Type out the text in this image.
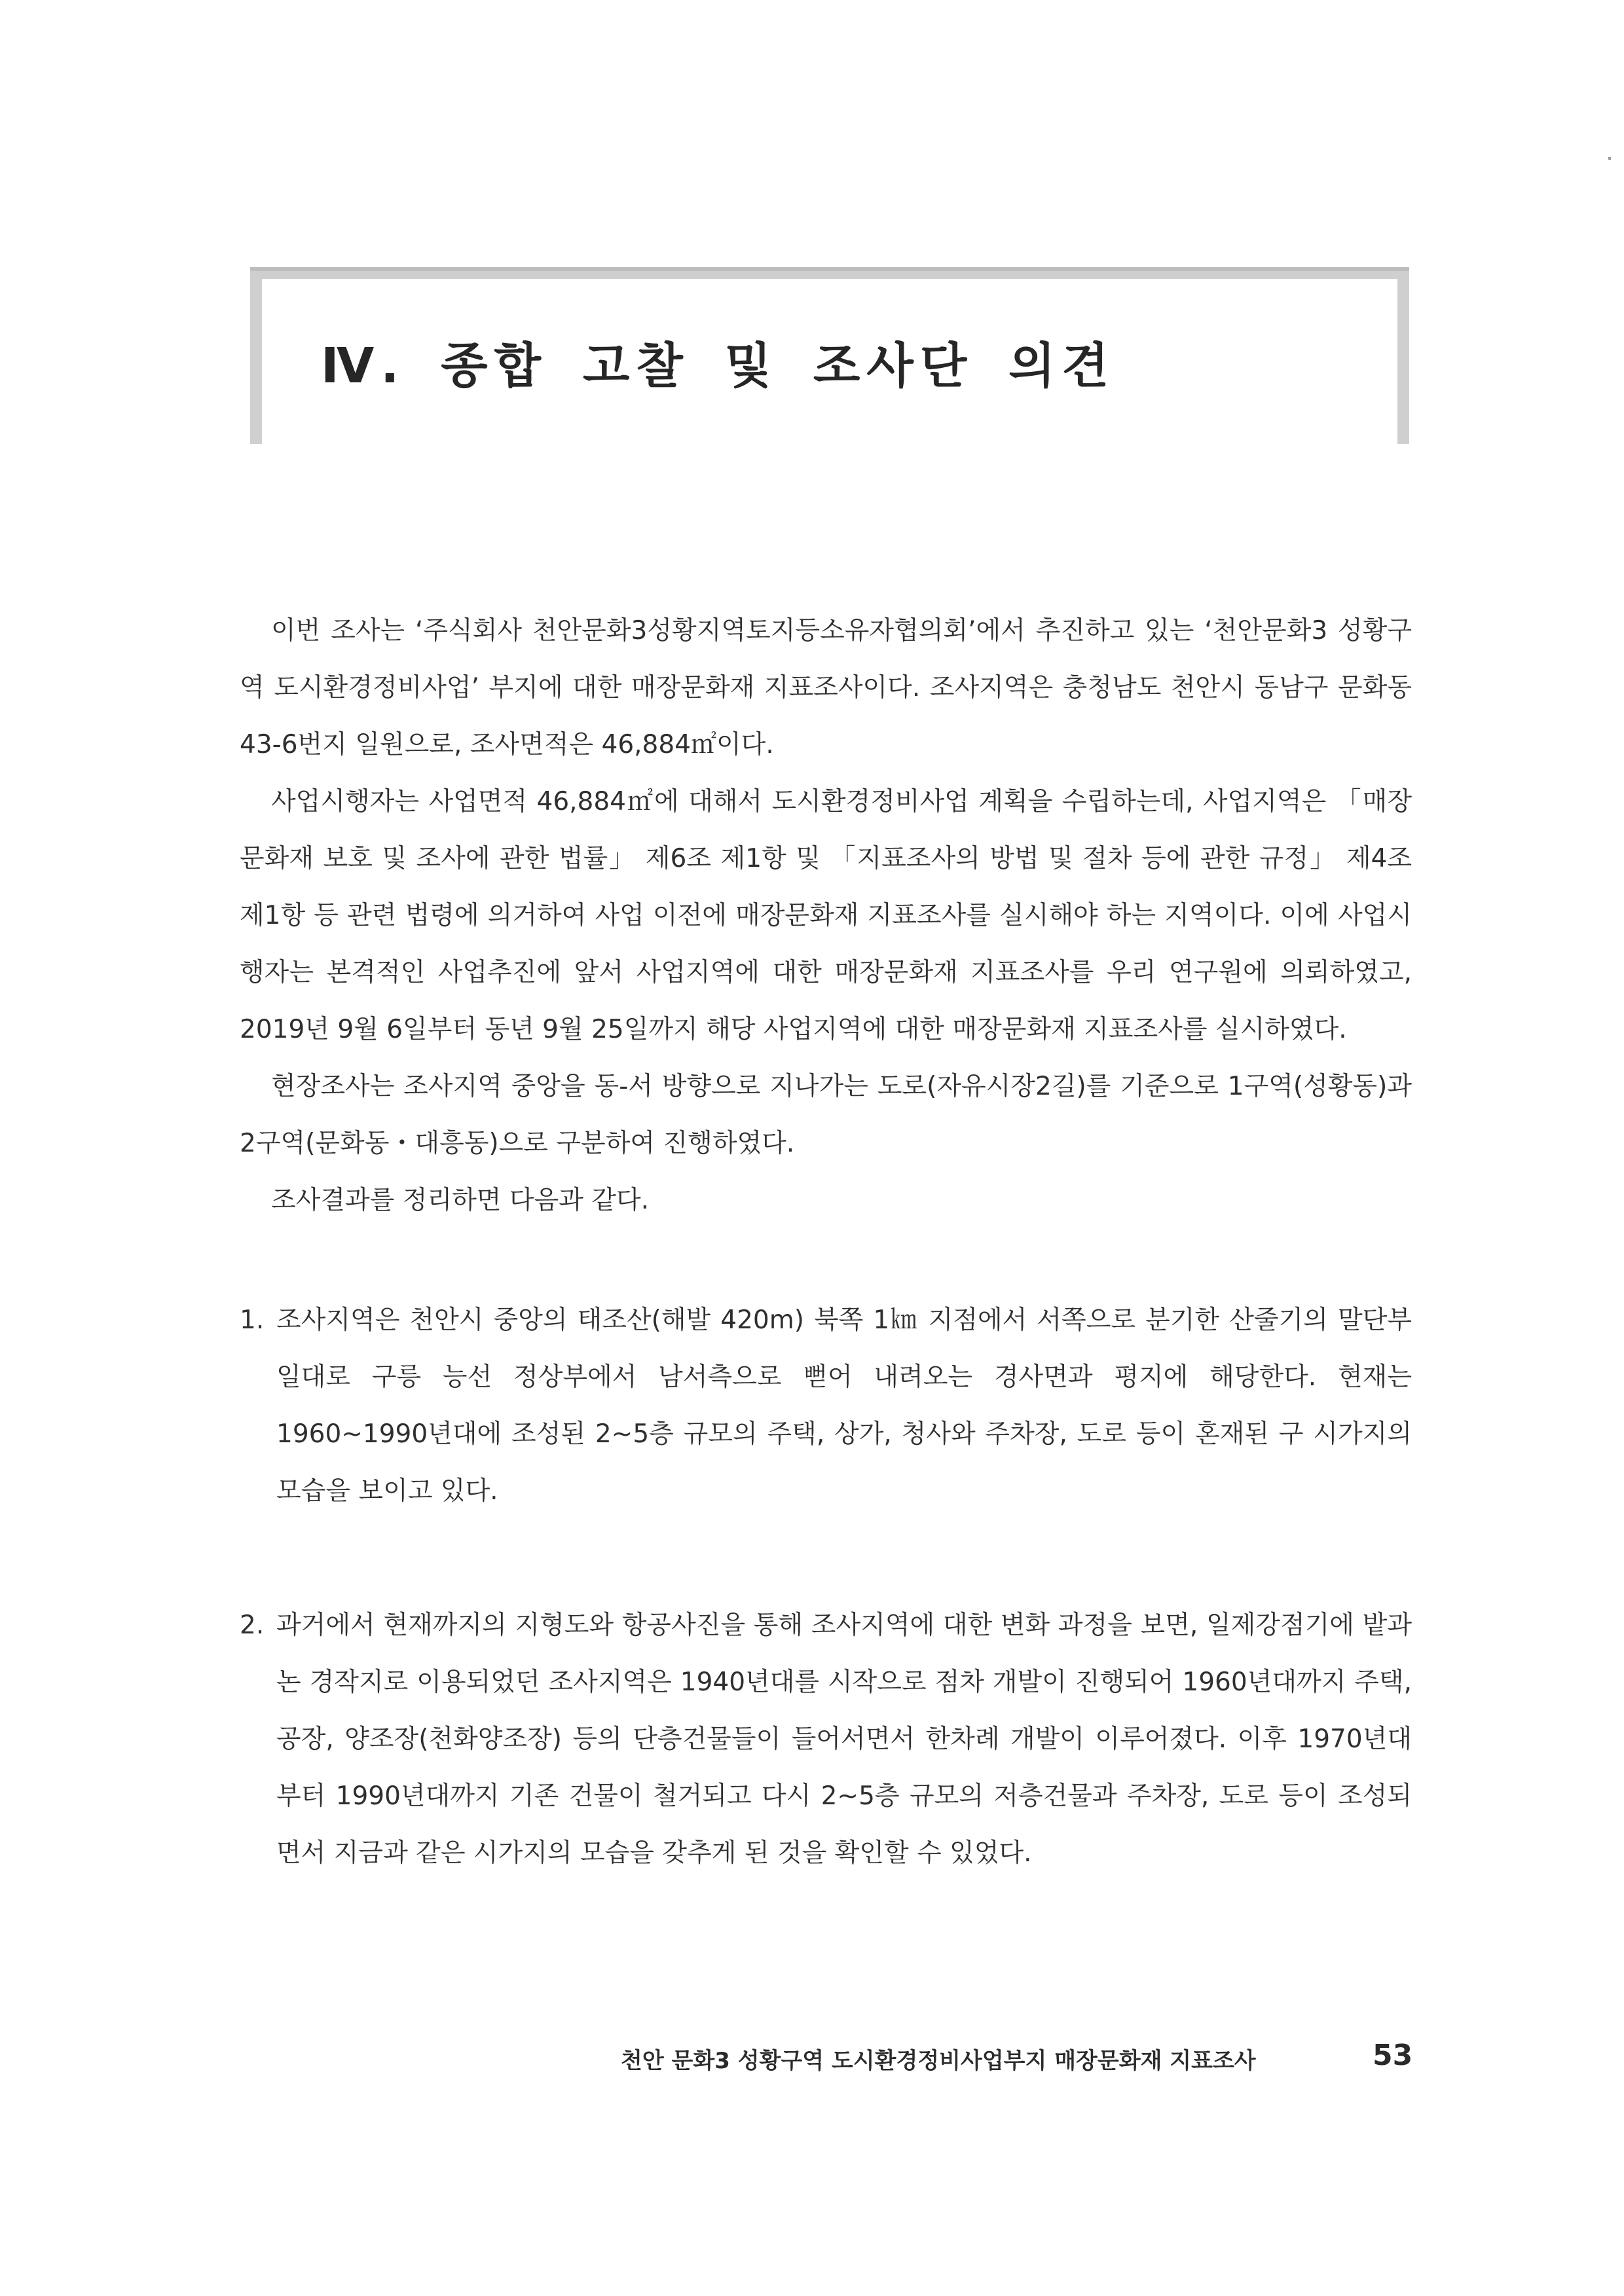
Ⅳ. 종합 고찰 및 조사단 의견

이번 조사는 ‘주식회사 천안문화3성황지역토지등소유자협의회’에서 추진하고 있는 ‘천안문화3 성황구역 도시환경정비사업’ 부지에 대한 매장문화재 지표조사이다. 조사지역은 충청남도 천안시 동남구 문화동 43-6번지 일원으로, 조사면적은 46,884㎡이다.

사업시행자는 사업면적 46,884㎡에 대해서 도시환경정비사업 계획을 수립하는데, 사업지역은 「매장문화재 보호 및 조사에 관한 법률」 제6조 제1항 및 「지표조사의 방법 및 절차 등에 관한 규정」 제4조 제1항 등 관련 법령에 의거하여 사업 이전에 매장문화재 지표조사를 실시해야 하는 지역이다. 이에 사업시행자는 본격적인 사업추진에 앞서 사업지역에 대한 매장문화재 지표조사를 우리 연구원에 의뢰하였고, 2019년 9월 6일부터 동년 9월 25일까지 해당 사업지역에 대한 매장문화재 지표조사를 실시하였다.

현장조사는 조사지역 중앙을 동-서 방향으로 지나가는 도로(자유시장2길)를 기준으로 1구역(성황동)과 2구역(문화동・대흥동)으로 구분하여 진행하였다.

조사결과를 정리하면 다음과 같다.

1. 조사지역은 천안시 중앙의 태조산(해발 420m) 북쪽 1㎞ 지점에서 서쪽으로 분기한 산줄기의 말단부 일대로 구릉 능선 정상부에서 남서측으로 뻗어 내려오는 경사면과 평지에 해당한다. 현재는 1960~1990년대에 조성된 2~5층 규모의 주택, 상가, 청사와 주차장, 도로 등이 혼재된 구 시가지의 모습을 보이고 있다.
2. 과거에서 현재까지의 지형도와 항공사진을 통해 조사지역에 대한 변화 과정을 보면, 일제강점기에 밭과 논 경작지로 이용되었던 조사지역은 1940년대를 시작으로 점차 개발이 진행되어 1960년대까지 주택, 공장, 양조장(천화양조장) 등의 단층건물들이 들어서면서 한차례 개발이 이루어졌다. 이후 1970년대부터 1990년대까지 기존 건물이 철거되고 다시 2~5층 규모의 저층건물과 주차장, 도로 등이 조성되면서 지금과 같은 시가지의 모습을 갖추게 된 것을 확인할 수 있었다.
천안 문화3 성황구역 도시환경정비사업부지 매장문화재 지표조사	53
